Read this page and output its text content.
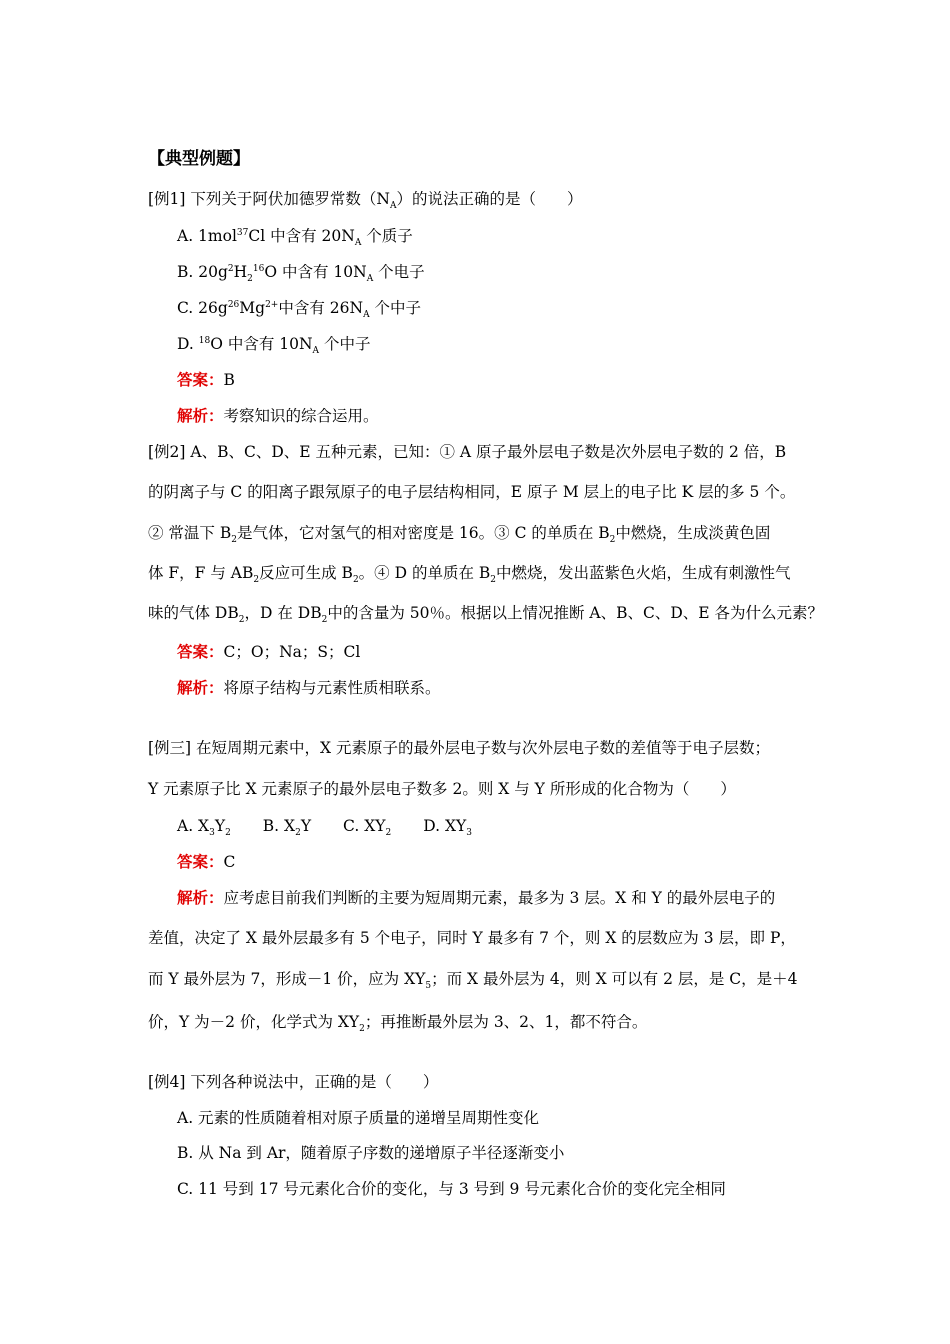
【典型例题】
[例1] 下列关于阿伏加德罗常数$(N_A)$的说法正确的是（　　）
A. 1mol$^{37}$Cl 中含有 $20N_A$ 个质子
B. $20g^2H_2^{16}O$ 中含有 $10N_A$ 个电子
C. $26g^{26}Mg^{2+}$中含有 $26N_A$ 个中子
D. $^{18}$O 中含有 $10N_A$ 个中子
答案：B
解析：考察知识的综合运用。
[例2] A、B、C、D、E 五种元素，已知：① A 原子最外层电子数是次外层电子数的 2 倍，B
的阴离子与 C 的阳离子跟氖原子的电子层结构相同，E 原子 M 层上的电子比 K 层的多 5 个。
② 常温下 $B_2$是气体，它对氢气的相对密度是 16。③ C 的单质在 $B_2$中燃烧，生成淡黄色固
体 F，F 与 $AB_2$反应可生成 $B_2$。④ D 的单质在 $B_2$中燃烧，发出蓝紫色火焰，生成有刺激性气
味的气体 $DB_2$，D 在 $DB_2$中的含量为 50％。根据以上情况推断 A、B、C、D、E 各为什么元素？
答案：C；O；Na；S；Cl
解析：将原子结构与元素性质相联系。
[例三] 在短周期元素中，X 元素原子的最外层电子数与次外层电子数的差值等于电子层数；
Y 元素原子比 X 元素原子的最外层电子数多 2。则 X 与 Y 所形成的化合物为（　　）
A. $X_3Y_2$ B. $X_2Y$ C. $XY_2$ D. $XY_3$
答案：C
解析：应考虑目前我们判断的主要为短周期元素，最多为 3 层。X 和 Y 的最外层电子的
差值，决定了 X 最外层最多有 5 个电子，同时 Y 最多有 7 个，则 X 的层数应为 3 层，即 P，
而 Y 最外层为 7，形成－1 价，应为 $XY_5$；而 X 最外层为 4，则 X 可以有 2 层，是 C，是＋4
价，Y 为－2 价，化学式为 $XY_2$；再推断最外层为 3、2、1，都不符合。
[例4] 下列各种说法中，正确的是（　　）
A. 元素的性质随着相对原子质量的递增呈周期性变化
B. 从 Na 到 Ar，随着原子序数的递增原子半径逐渐变小
C. 11 号到 17 号元素化合价的变化，与 3 号到 9 号元素化合价的变化完全相同
